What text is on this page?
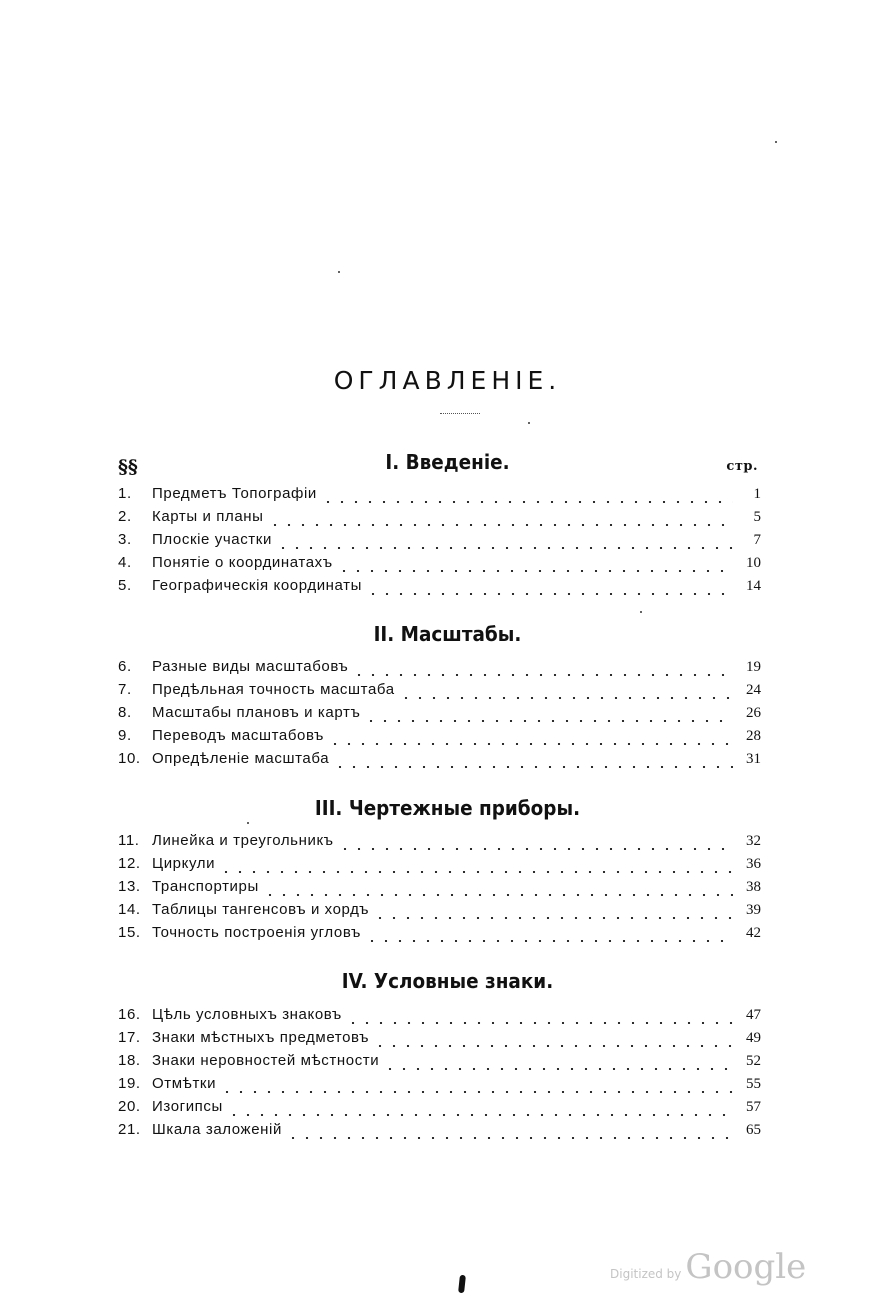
ОГЛАВЛЕНІЕ.
§§	стр.
I. Введеніе.
1.	Предметъ Топографіи	1
2.	Карты и планы	5
3.	Плоскіе участки	7
4.	Понятіе о координатахъ	10
5.	Географическія координаты	14
II. Масштабы.
6.	Разные виды масштабовъ	19
7.	Предѣльная точность масштаба	24
8.	Масштабы плановъ и картъ	26
9.	Переводъ масштабовъ	28
10. Опредѣленіе масштаба	31
III. Чертежные приборы.
11. Линейка и треугольникъ	32
12. Циркули	36
13. Транспортиры	38
14. Таблицы тангенсовъ и хордъ	39
15. Точность построенія угловъ	42
IV. Условные знаки.
16. Цѣль условныхъ знаковъ	47
17. Знаки мѣстныхъ предметовъ	49
18. Знаки неровностей мѣстности	52
19. Отмѣтки	55
20. Изогипсы	57
21. Шкала заложеній	65
Digitized by Google
